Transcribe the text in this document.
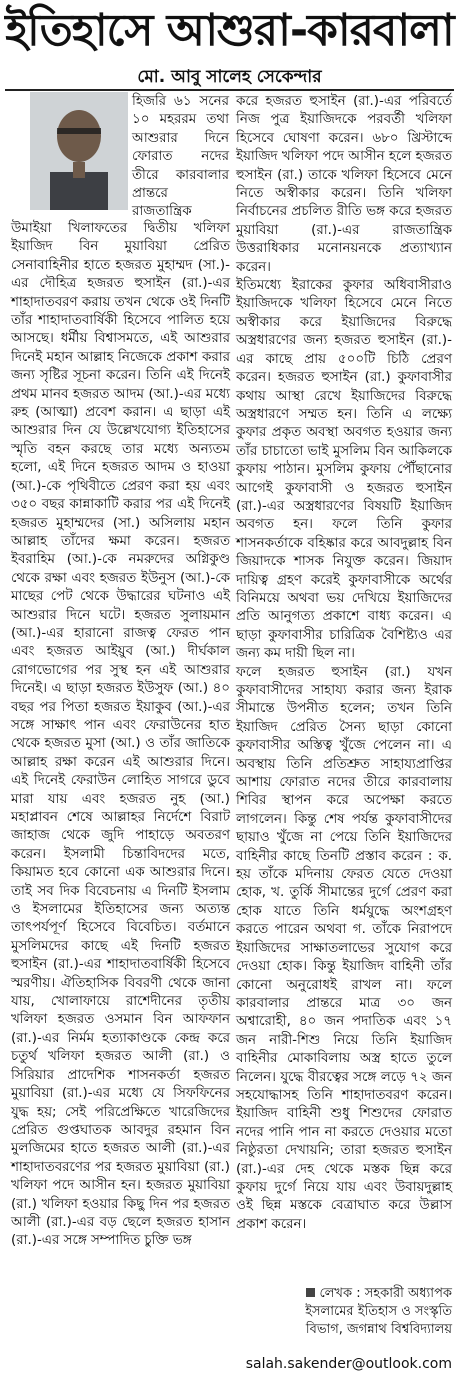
ইতিহাসে আশুরা-কারবালা
মো. আবু সালেহ সেকেন্দার

হিজরি ৬১ সনের ১০ মহররম তথা আশুরার দিনে ফোরাত নদের তীরে কারবালার প্রান্তরে রাজতান্ত্রিক

উমাইয়া খিলাফতের দ্বিতীয় খলিফা ইয়াজিদ বিন মুয়াবিয়া প্রেরিত সেনাবাহিনীর হাতে হজরত মুহাম্মদ (সা.)-এর দৌহিত্র হজরত হুসাইন (রা.)-এর শাহাদাতবরণ করায় তখন থেকে ওই দিনটি তাঁর শাহাদাতবার্ষিকী হিসেবে পালিত হয়ে আসছে। ধর্মীয় বিশ্বাসমতে, এই আশুরার দিনেই মহান আল্লাহ নিজেকে প্রকাশ করার জন্য সৃষ্টির সূচনা করেন। তিনি এই দিনেই প্রথম মানব হজরত আদম (আ.)-এর মধ্যে রুহ (আত্মা) প্রবেশ করান। এ ছাড়া এই আশুরার দিন যে উল্লেখযোগ্য ইতিহাসের স্মৃতি বহন করছে তার মধ্যে অন্যতম হলো, এই দিনে হজরত আদম ও হাওয়া (আ.)-কে পৃথিবীতে প্রেরণ করা হয় এবং ৩৫০ বছর কান্নাকাটি করার পর এই দিনেই হজরত মুহাম্মদের (সা.) অসিলায় মহান আল্লাহ তাঁদের ক্ষমা করেন। হজরত ইবরাহিম (আ.)-কে নমরুদের অগ্নিকুণ্ড থেকে রক্ষা এবং হজরত ইউনুস (আ.)-কে মাছের পেট থেকে উদ্ধারের ঘটনাও এই আশুরার দিনে ঘটে। হজরত সুলায়মান (আ.)-এর হারানো রাজত্ব ফেরত পান এবং হজরত আইয়ুব (আ.) দীর্ঘকাল রোগভোগের পর সুস্থ হন এই আশুরার দিনেই। এ ছাড়া হজরত ইউসুফ (আ.) ৪০ বছর পর পিতা হজরত ইয়াকুব (আ.)-এর সঙ্গে সাক্ষাৎ পান এবং ফেরাউনের হাত থেকে হজরত মুসা (আ.) ও তাঁর জাতিকে আল্লাহ রক্ষা করেন এই আশুরার দিনে। এই দিনেই ফেরাউন লোহিত সাগরে ডুবে মারা যায় এবং হজরত নুহ (আ.) মহাপ্লাবন শেষে আল্লাহর নির্দেশে বিরাট জাহাজ থেকে জুদি পাহাড়ে অবতরণ করেন। ইসলামী চিন্তাবিদদের মতে, কিয়ামত হবে কোনো এক আশুরার দিনে। তাই সব দিক বিবেচনায় এ দিনটি ইসলাম ও ইসলামের ইতিহাসের জন্য অত্যন্ত তাৎপর্যপূর্ণ হিসেবে বিবেচিত। বর্তমানে মুসলিমদের কাছে এই দিনটি হজরত হুসাইন (রা.)-এর শাহাদাতবার্ষিকী হিসেবে স্মরণীয়। ঐতিহাসিক বিবরণী থেকে জানা যায়, খোলাফায়ে রাশেদীনের তৃতীয় খলিফা হজরত ওসমান বিন আফফান (রা.)-এর নির্মম হত্যাকাণ্ডকে কেন্দ্র করে চতুর্থ খলিফা হজরত আলী (রা.) ও সিরিয়ার প্রাদেশিক শাসনকর্তা হজরত মুয়াবিয়া (রা.)-এর মধ্যে যে সিফফিনের যুদ্ধ হয়; সেই পরিপ্রেক্ষিতে খারেজিদের প্রেরিত গুপ্তঘাতক আবদুর রহমান বিন মুলজিমের হাতে হজরত আলী (রা.)-এর শাহাদাতবরণের পর হজরত মুয়াবিয়া (রা.) খলিফা পদে আসীন হন। হজরত মুয়াবিয়া (রা.) খলিফা হওয়ার কিছু দিন পর হজরত আলী (রা.)-এর বড় ছেলে হজরত হাসান (রা.)-এর সঙ্গে সম্পাদিত চুক্তি ভঙ্গ

করে হজরত হুসাইন (রা.)-এর পরিবর্তে নিজ পুত্র ইয়াজিদকে পরবর্তী খলিফা হিসেবে ঘোষণা করেন। ৬৮০ খ্রিস্টাব্দে ইয়াজিদ খলিফা পদে আসীন হলে হজরত হুসাইন (রা.) তাকে খলিফা হিসেবে মেনে নিতে অস্বীকার করেন। তিনি খলিফা নির্বাচনের প্রচলিত রীতি ভঙ্গ করে হজরত মুয়াবিয়া (রা.)-এর রাজতান্ত্রিক উত্তরাধিকার মনোনয়নকে প্রত্যাখ্যান করেন।
ইতিমধ্যে ইরাকের কুফার অধিবাসীরাও ইয়াজিদকে খলিফা হিসেবে মেনে নিতে অস্বীকার করে ইয়াজিদের বিরুদ্ধে অস্ত্রধারণের জন্য হজরত হুসাইন (রা.)-এর কাছে প্রায় ৫০০টি চিঠি প্রেরণ করেন। হজরত হুসাইন (রা.) কুফাবাসীর কথায় আস্থা রেখে ইয়াজিদের বিরুদ্ধে অস্ত্রধারণে সম্মত হন। তিনি এ লক্ষ্যে কুফার প্রকৃত অবস্থা অবগত হওয়ার জন্য তাঁর চাচাতো ভাই মুসলিম বিন আকিলকে কুফায় পাঠান। মুসলিম কুফায় পৌঁছানোর আগেই কুফাবাসী ও হজরত হুসাইন (রা.)-এর অস্ত্রধারণের বিষয়টি ইয়াজিদ অবগত হন। ফলে তিনি কুফার শাসনকর্তাকে বহিষ্কার করে আবদুল্লাহ বিন জিয়াদকে শাসক নিযুক্ত করেন। জিয়াদ দায়িত্ব গ্রহণ করেই কুফাবাসীকে অর্থের বিনিময়ে অথবা ভয় দেখিয়ে ইয়াজিদের প্রতি আনুগত্য প্রকাশে বাধ্য করেন। এ ছাড়া কুফাবাসীর চারিত্রিক বৈশিষ্ট্যও এর জন্য কম দায়ী ছিল না।
ফলে হজরত হুসাইন (রা.) যখন কুফাবাসীদের সাহায্য করার জন্য ইরাক সীমান্তে উপনীত হলেন; তখন তিনি ইয়াজিদ প্রেরিত সৈন্য ছাড়া কোনো কুফাবাসীর অস্তিত্ব খুঁজে পেলেন না। এ অবস্থায় তিনি প্রতিশ্রুত সাহায্যপ্রাপ্তির আশায় ফোরাত নদের তীরে কারবালায় শিবির স্থাপন করে অপেক্ষা করতে লাগলেন। কিন্তু শেষ পর্যন্ত কুফাবাসীদের ছায়াও খুঁজে না পেয়ে তিনি ইয়াজিদের বাহিনীর কাছে তিনটি প্রস্তাব করেন : ক. হয় তাঁকে মদিনায় ফেরত যেতে দেওয়া হোক, খ. তুর্কি সীমান্তের দুর্গে প্রেরণ করা হোক যাতে তিনি ধর্মযুদ্ধে অংশগ্রহণ করতে পারেন অথবা গ. তাঁকে নিরাপদে ইয়াজিদের সাক্ষাতলাভের সুযোগ করে দেওয়া হোক। কিন্তু ইয়াজিদ বাহিনী তাঁর কোনো অনুরোধই রাখল না। ফলে কারবালার প্রান্তরে মাত্র ৩০ জন অশ্বারোহী, ৪০ জন পদাতিক এবং ১৭ জন নারী-শিশু নিয়ে তিনি ইয়াজিদ বাহিনীর মোকাবিলায় অস্ত্র হাতে তুলে নিলেন। যুদ্ধে বীরত্বের সঙ্গে লড়ে ৭২ জন সহযোদ্ধাসহ তিনি শাহাদাতবরণ করেন। ইয়াজিদ বাহিনী শুধু শিশুদের ফোরাত নদের পানি পান না করতে দেওয়ার মতো নিষ্ঠুরতা দেখায়নি; তারা হজরত হুসাইন (রা.)-এর দেহ থেকে মস্তক ছিন্ন করে কুফায় দুর্গে নিয়ে যায় এবং উবায়দুল্লাহ ওই ছিন্ন মস্তকে বেত্রাঘাত করে উল্লাস প্রকাশ করেন।

লেখক : সহকারী অধ্যাপক
ইসলামের ইতিহাস ও সংস্কৃতি
বিভাগ, জগন্নাথ বিশ্ববিদ্যালয়
salah.sakender@outlook.com
